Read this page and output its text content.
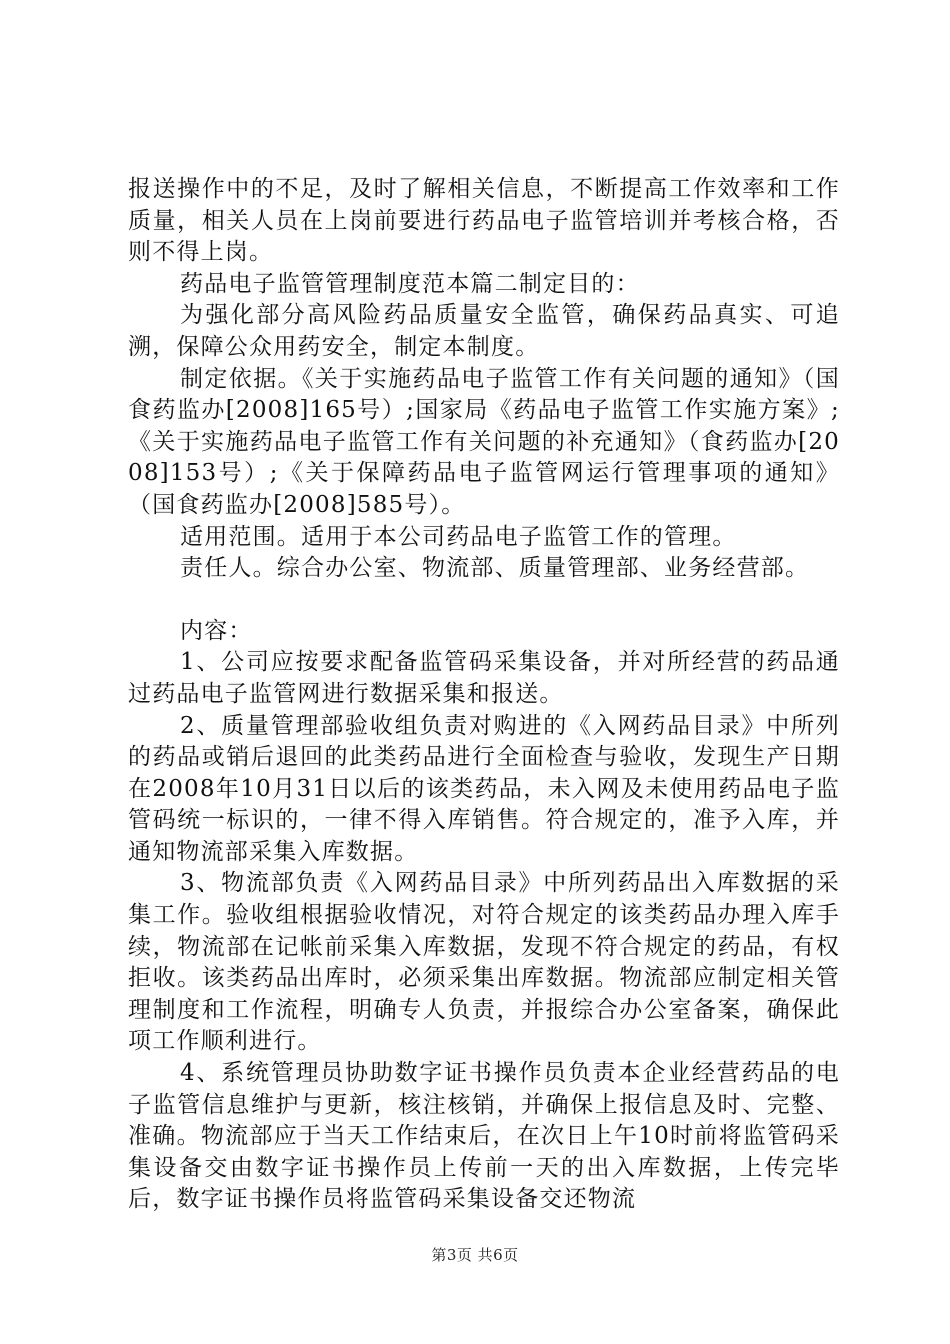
报送操作中的不足，及时了解相关信息，不断提高工作效率和工作质量，相关人员在上岗前要进行药品电子监管培训并考核合格，否则不得上岗。

药品电子监管管理制度范本篇二制定目的：

为强化部分高风险药品质量安全监管，确保药品真实、可追溯，保障公众用药安全，制定本制度。

制定依据。《关于实施药品电子监管工作有关问题的通知》（国食药监办[2008]165号）;国家局《药品电子监管工作实施方案》;《关于实施药品电子监管工作有关问题的补充通知》（食药监办[2008]153号）;《关于保障药品电子监管网运行管理事项的通知》（国食药监办[2008]585号）。

适用范围。适用于本公司药品电子监管工作的管理。

责任人。综合办公室、物流部、质量管理部、业务经营部。

内容：

1、公司应按要求配备监管码采集设备，并对所经营的药品通过药品电子监管网进行数据采集和报送。

2、质量管理部验收组负责对购进的《入网药品目录》中所列的药品或销后退回的此类药品进行全面检查与验收，发现生产日期在2008年10月31日以后的该类药品，未入网及未使用药品电子监管码统一标识的，一律不得入库销售。符合规定的，准予入库，并通知物流部采集入库数据。

3、物流部负责《入网药品目录》中所列药品出入库数据的采集工作。验收组根据验收情况，对符合规定的该类药品办理入库手续，物流部在记帐前采集入库数据，发现不符合规定的药品，有权拒收。该类药品出库时，必须采集出库数据。物流部应制定相关管理制度和工作流程，明确专人负责，并报综合办公室备案，确保此项工作顺利进行。

4、系统管理员协助数字证书操作员负责本企业经营药品的电子监管信息维护与更新，核注核销，并确保上报信息及时、完整、准确。物流部应于当天工作结束后，在次日上午10时前将监管码采集设备交由数字证书操作员上传前一天的出入库数据，上传完毕后，数字证书操作员将监管码采集设备交还物流

第3页 共6页
